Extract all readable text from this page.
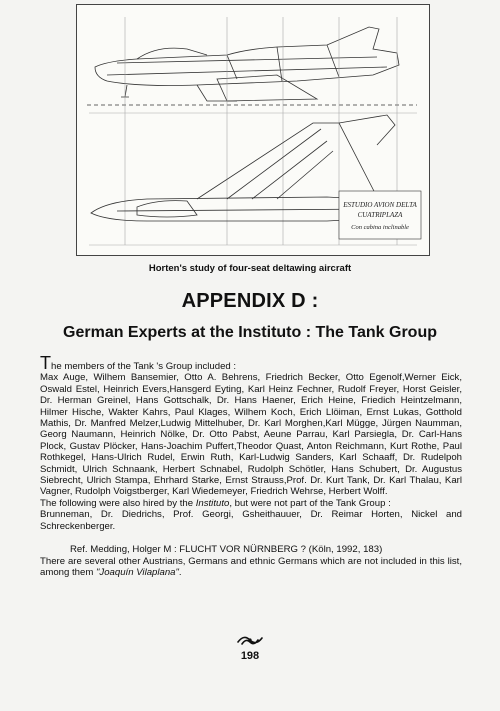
ESTUDIO AVION DELTA
CUATRIPLAZA
Con cabina inclinable
Horten's study of four-seat deltawing aircraft
APPENDIX D :
German Experts at the Instituto : The Tank Group

The members of the Tank 's Group included :

Max Auge, Wilhem Bansemier, Otto A. Behrens, Friedrich Becker, Otto Egenolf,Werner Eick, Oswald Estel, Heinrich Evers,Hansgerd Eyting, Karl Heinz Fechner, Rudolf Freyer, Horst Geisler, Dr. Herman Greinel, Hans Gottschalk, Dr. Hans Haener, Erich Heine, Friedich Heintzelmann, Hilmer Hische, Wakter Kahrs, Paul Klages, Wilhem Koch, Erich Llöiman, Ernst Lukas, Gotthold Mathis, Dr. Manfred Melzer,Ludwig Mittelhuber, Dr. Karl Morghen,Karl Mügge, Jürgen Naumman, Georg Naumann, Heinrich Nölke, Dr. Otto Pabst, Aeune Parrau, Karl Parsiegla, Dr. Carl-Hans Plock, Gustav Plöcker, Hans-Joachim Puffert,Theodor Quast, Anton Reichmann, Kurt Rothe, Paul Rothkegel, Hans-Ulrich Rudel, Erwin Ruth, Karl-Ludwig Sanders, Karl Schaaff, Dr. Rudelpoh Schmidt, Ulrich Schnaank, Herbert Schnabel, Rudolph Schötler, Hans Schubert, Dr. Augustus Siebrecht, Ulrich Stampa, Ehrhard Starke, Ernst Strauss,Prof. Dr. Kurt Tank, Dr. Karl Thalau, Karl Vagner, Rudolph Voigstberger, Karl Wiedemeyer, Friedrich Wehrse, Herbert Wolff.

The following were also hired by the Instituto, but were not part of the Tank Group :

Brunneman, Dr. Diedrichs, Prof. Georgi, Gsheithauuer, Dr. Reimar Horten, Nickel and Schreckenberger.

Ref. Medding, Holger M : FLUCHT VOR NÜRNBERG ? (Köln, 1992, 183)

There are several other Austrians, Germans and ethnic Germans which are not included in this list, among them "Joaquín Vilaplana".

198
